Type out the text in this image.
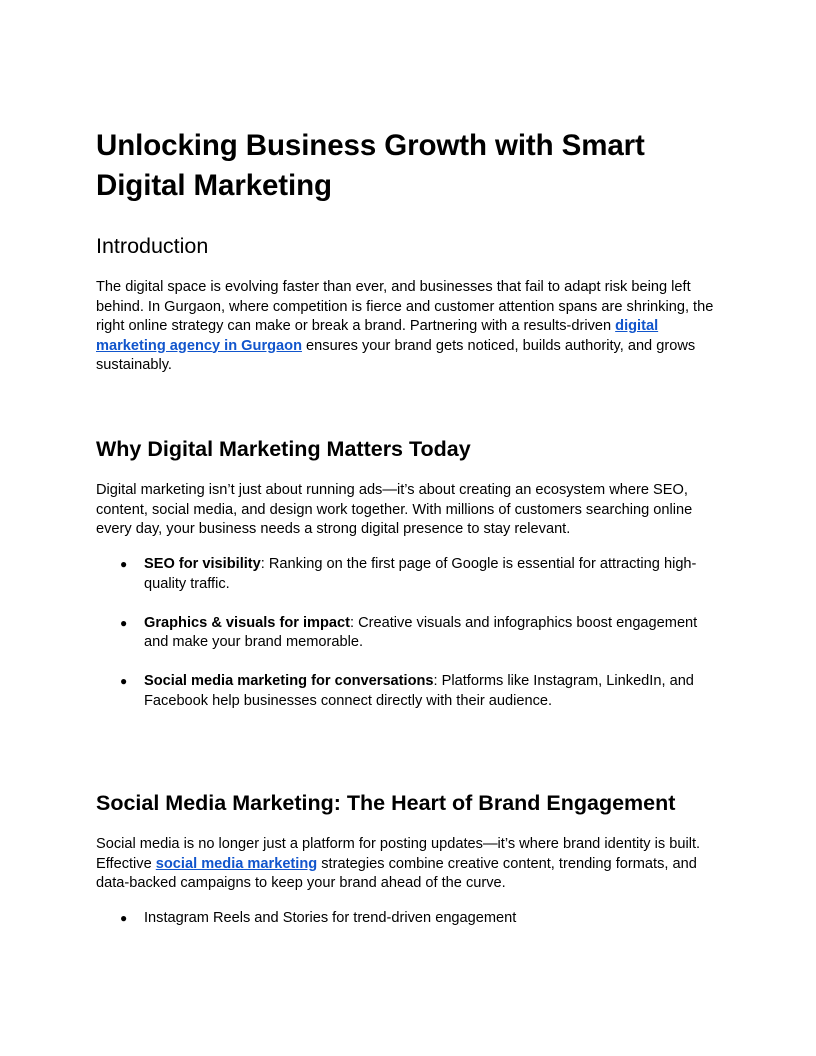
Unlocking Business Growth with Smart Digital Marketing
Introduction

The digital space is evolving faster than ever, and businesses that fail to adapt risk being left behind. In Gurgaon, where competition is fierce and customer attention spans are shrinking, the right online strategy can make or break a brand. Partnering with a results-driven digital marketing agency in Gurgaon ensures your brand gets noticed, builds authority, and grows sustainably.

Why Digital Marketing Matters Today

Digital marketing isn’t just about running ads—it’s about creating an ecosystem where SEO, content, social media, and design work together. With millions of customers searching online every day, your business needs a strong digital presence to stay relevant.

● SEO for visibility: Ranking on the first page of Google is essential for attracting high-quality traffic.
● Graphics & visuals for impact: Creative visuals and infographics boost engagement and make your brand memorable.
● Social media marketing for conversations: Platforms like Instagram, LinkedIn, and Facebook help businesses connect directly with their audience.
Social Media Marketing: The Heart of Brand Engagement

Social media is no longer just a platform for posting updates—it’s where brand identity is built. Effective social media marketing strategies combine creative content, trending formats, and data-backed campaigns to keep your brand ahead of the curve.

● Instagram Reels and Stories for trend-driven engagement
